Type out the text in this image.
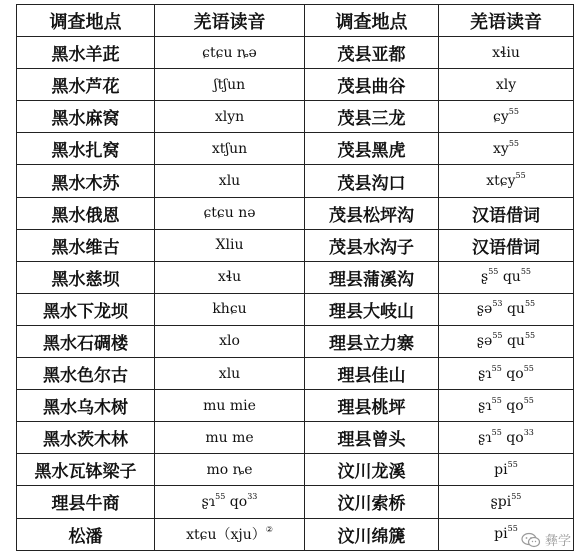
调查地点	羌语读音	调查地点	羌语读音
黑水羊茈	ɕtɕu ȵə	茂县亚都	xɬiu
黑水芦花	ʃtʃun	茂县曲谷	xly
黑水麻窝	xlyn	茂县三龙	ɕy$^{55}$
黑水扎窝	xtʃun	茂县黑虎	$xy^{55}$
黑水木苏	xlu	茂县沟口	xtɕy$^{55}$
黑水俄恩	ɕtɕu nə	茂县松坪沟	汉语借词
黑水维古	Xliu	茂县水沟子	汉语借词
黑水慈坝	xɬu	理县蒲溪沟	ʂ$^{55}$ $qu^{55}$
黑水下龙坝	khɕu	理县大岐山	ʂə$^{53}$ $qu^{55}$
黑水石碉楼	xlo	理县立力寨	ʂə$^{55}$ $qu^{55}$
黑水色尔古	xlu	理县佳山	ʂɿ$^{55}$ $qo^{55}$
黑水乌木树	mu mie	理县桃坪	ʂɿ$^{55}$ $qo^{55}$
黑水茨木林	mu me	理县曾头	ʂɿ$^{55}$ $qo^{33}$
黑水瓦钵梁子	mo ȵe	汶川龙溪	$pi^{55}$
理县牛商	ʂɿ$^{55}$ $qo^{33}$	汶川索桥	ʂpi$^{55}$
松潘	xtɕu（xju）②	汶川绵篪	$pi^{55}$
彝学
